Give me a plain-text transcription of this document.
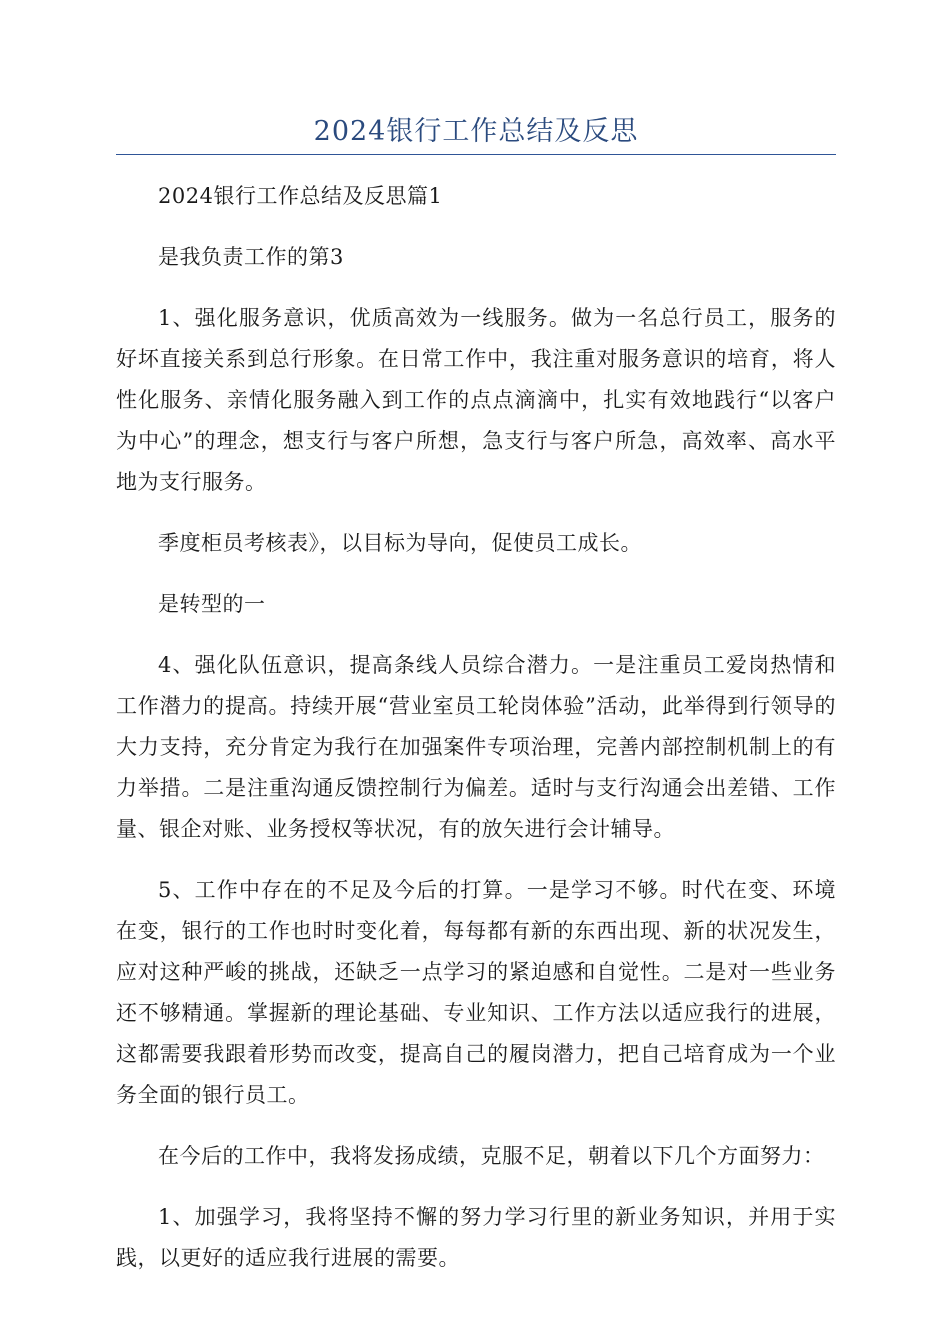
2024银行工作总结及反思

2024银行工作总结及反思篇1

是我负责工作的第3

1、强化服务意识，优质高效为一线服务。做为一名总行员工，服务的好坏直接关系到总行形象。在日常工作中，我注重对服务意识的培育，将人性化服务、亲情化服务融入到工作的点点滴滴中，扎实有效地践行“以客户为中心”的理念，想支行与客户所想，急支行与客户所急，高效率、高水平地为支行服务。

季度柜员考核表》，以目标为导向，促使员工成长。

是转型的一

4、强化队伍意识，提高条线人员综合潜力。一是注重员工爱岗热情和工作潜力的提高。持续开展“营业室员工轮岗体验”活动，此举得到行领导的大力支持，充分肯定为我行在加强案件专项治理，完善内部控制机制上的有力举措。二是注重沟通反馈控制行为偏差。适时与支行沟通会出差错、工作量、银企对账、业务授权等状况，有的放矢进行会计辅导。

5、工作中存在的不足及今后的打算。一是学习不够。时代在变、环境在变，银行的工作也时时变化着，每每都有新的东西出现、新的状况发生，应对这种严峻的挑战，还缺乏一点学习的紧迫感和自觉性。二是对一些业务还不够精通。掌握新的理论基础、专业知识、工作方法以适应我行的进展，这都需要我跟着形势而改变，提高自己的履岗潜力，把自己培育成为一个业务全面的银行员工。

在今后的工作中，我将发扬成绩，克服不足，朝着以下几个方面努力：

1、加强学习，我将坚持不懈的努力学习行里的新业务知识，并用于实践，以更好的适应我行进展的需要。
